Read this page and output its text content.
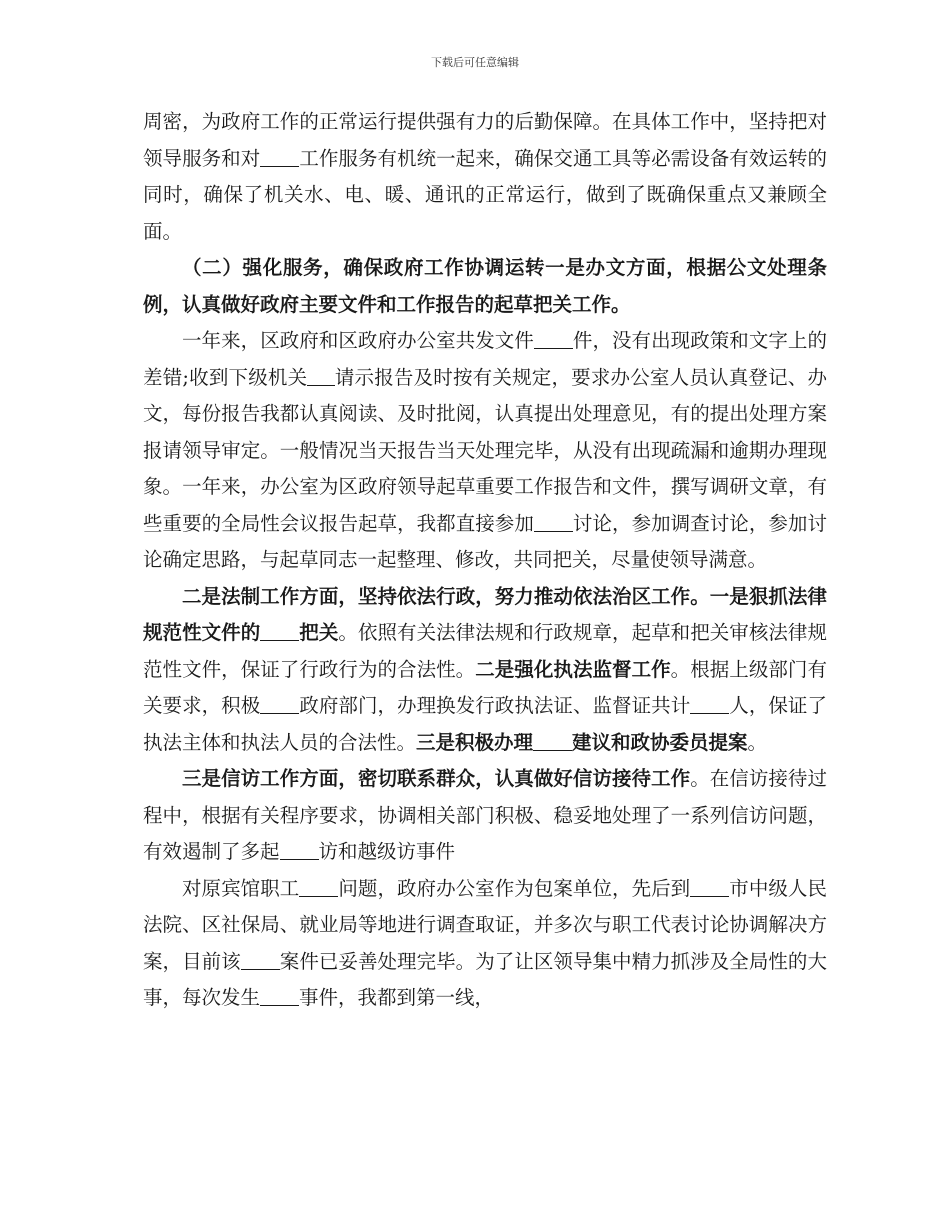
下载后可任意编辑

周密，为政府工作的正常运行提供强有力的后勤保障。在具体工作中，坚持把对领导服务和对 工作服务有机统一起来，确保交通工具等必需设备有效运转的同时，确保了机关水、电、暖、通讯的正常运行，做到了既确保重点又兼顾全面。

（二）强化服务，确保政府工作协调运转一是办文方面，根据公文处理条例，认真做好政府主要文件和工作报告的起草把关工作。

一年来，区政府和区政府办公室共发文件 件，没有出现政策和文字上的差错;收到下级机关 请示报告及时按有关规定，要求办公室人员认真登记、办文，每份报告我都认真阅读、及时批阅，认真提出处理意见，有的提出处理方案报请领导审定。一般情况当天报告当天处理完毕，从没有出现疏漏和逾期办理现象。一年来，办公室为区政府领导起草重要工作报告和文件，撰写调研文章，有些重要的全局性会议报告起草，我都直接参加 讨论，参加调查讨论，参加讨论确定思路，与起草同志一起整理、修改，共同把关，尽量使领导满意。

二是法制工作方面，坚持依法行政，努力推动依法治区工作。一是狠抓法律规范性文件的 把关。依照有关法律法规和行政规章，起草和把关审核法律规范性文件，保证了行政行为的合法性。二是强化执法监督工作。根据上级部门有关要求，积极 政府部门，办理换发行政执法证、监督证共计 人，保证了执法主体和执法人员的合法性。三是积极办理 建议和政协委员提案。

三是信访工作方面，密切联系群众，认真做好信访接待工作。在信访接待过程中，根据有关程序要求，协调相关部门积极、稳妥地处理了一系列信访问题，有效遏制了多起 访和越级访事件

对原宾馆职工 问题，政府办公室作为包案单位，先后到 市中级人民法院、区社保局、就业局等地进行调查取证，并多次与职工代表讨论协调解决方案，目前该 案件已妥善处理完毕。为了让区领导集中精力抓涉及全局性的大事，每次发生 事件，我都到第一线，
